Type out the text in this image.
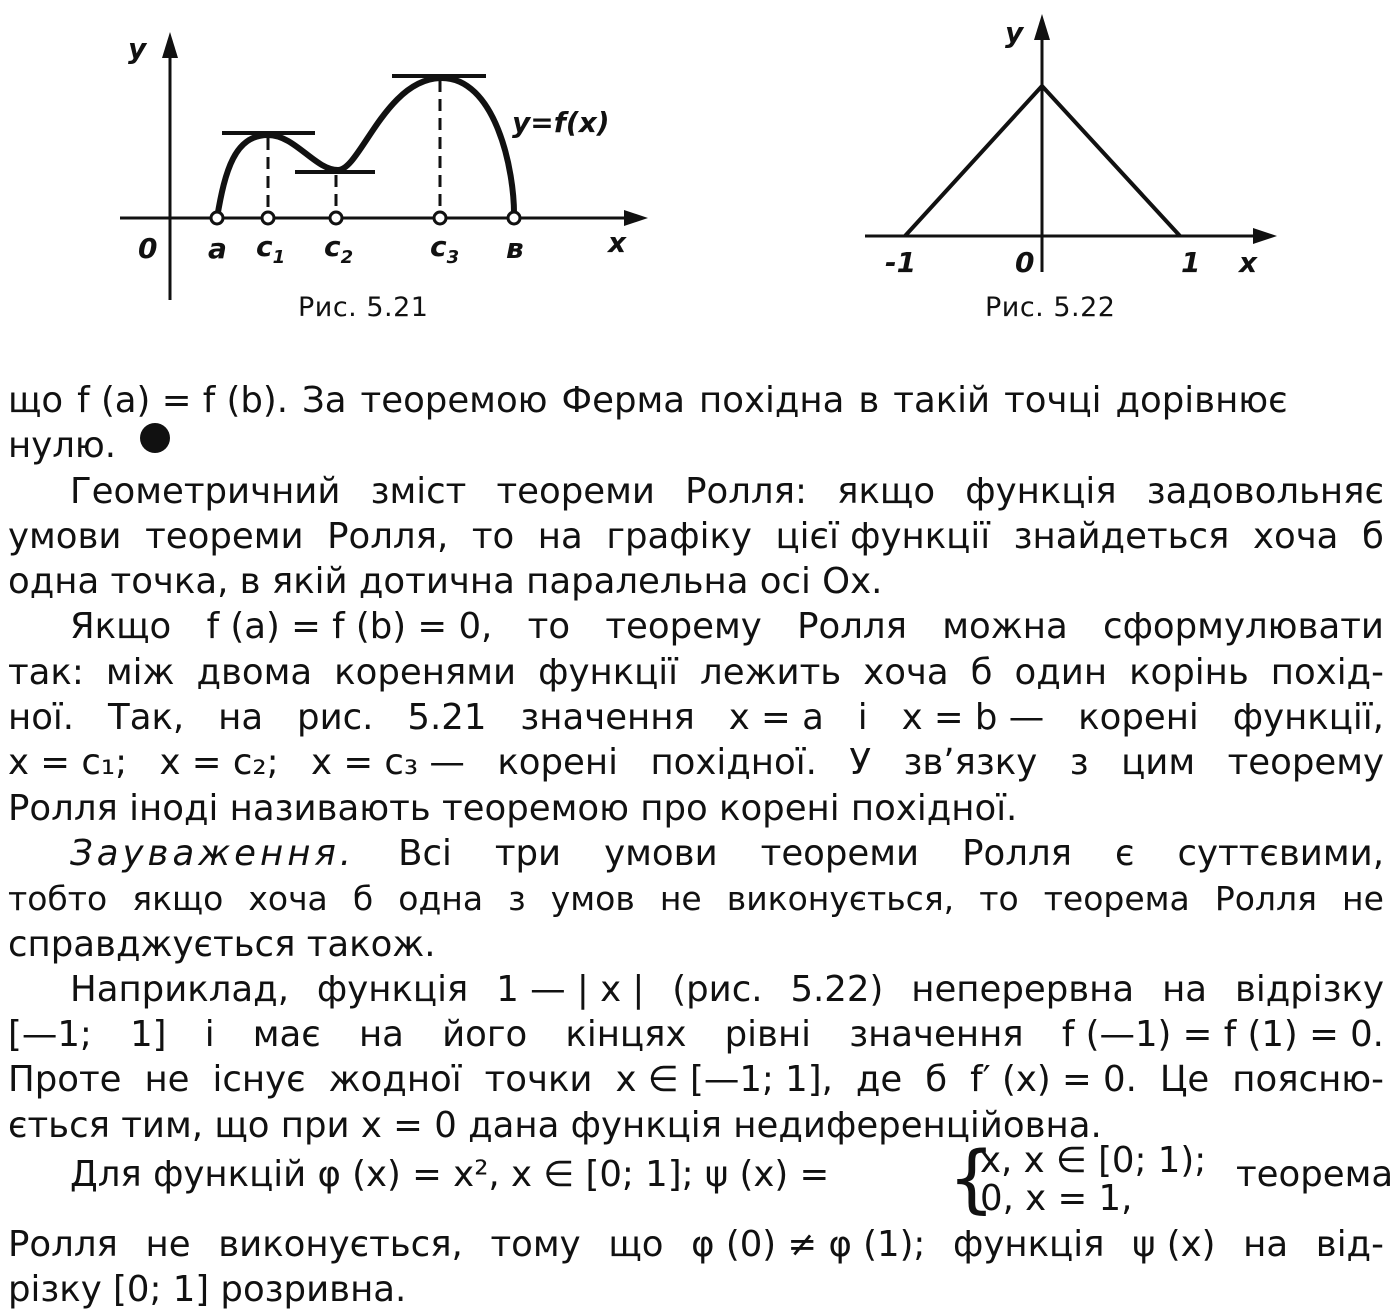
y
0 a $c_1$ $c_2$	$c_3$ в	x
y=f(x)
Рис. 5.21
y
-1	0	1 x
Рис. 5.22
що f (a) = f (b). За теоремою Ферма похідна в такій точці дорівнює
нулю.
Геометричний зміст теореми Ролля: якщо функція задовольняє
умови теореми Ролля, то на графіку цієї функції знайдеться хоча б
одна точка, в якій дотична паралельна осі Ox.
Якщо f (a) = f (b) = 0, то теорему Ролля можна сформулювати
так: між двома коренями функції лежить хоча б один корінь похід-
ної. Так, на рис. 5.21 значення x = a і x = b — корені функції,
x = c₁; x = c₂; x = c₃ — корені похідної. У зв’язку з цим теорему
Ролля іноді називають теоремою про корені похідної.
Зауваження. Всі три умови теореми Ролля є суттєвими,
тобто якщо хоча б одна з умов не виконується, то теорема Ролля не
справджується також.
Наприклад, функція 1 — | x | (рис. 5.22) неперервна на відрізку
[—1; 1] і має на його кінцях рівні значення f (—1) = f (1) = 0.
Проте не існує жодної точки x ∈ [—1; 1], де б f′ (x) = 0. Це поясню-
ється тим, що при x = 0 дана функція недиференційовна.
Для функцій φ (x) = x², x ∈ [0; 1]; ψ (x) = {
x, x ∈ [0; 1);
0, x = 1,
теорема
Ролля не виконується, тому що φ (0) ≠ φ (1); функція ψ (x) на від-
різку [0; 1] розривна.
